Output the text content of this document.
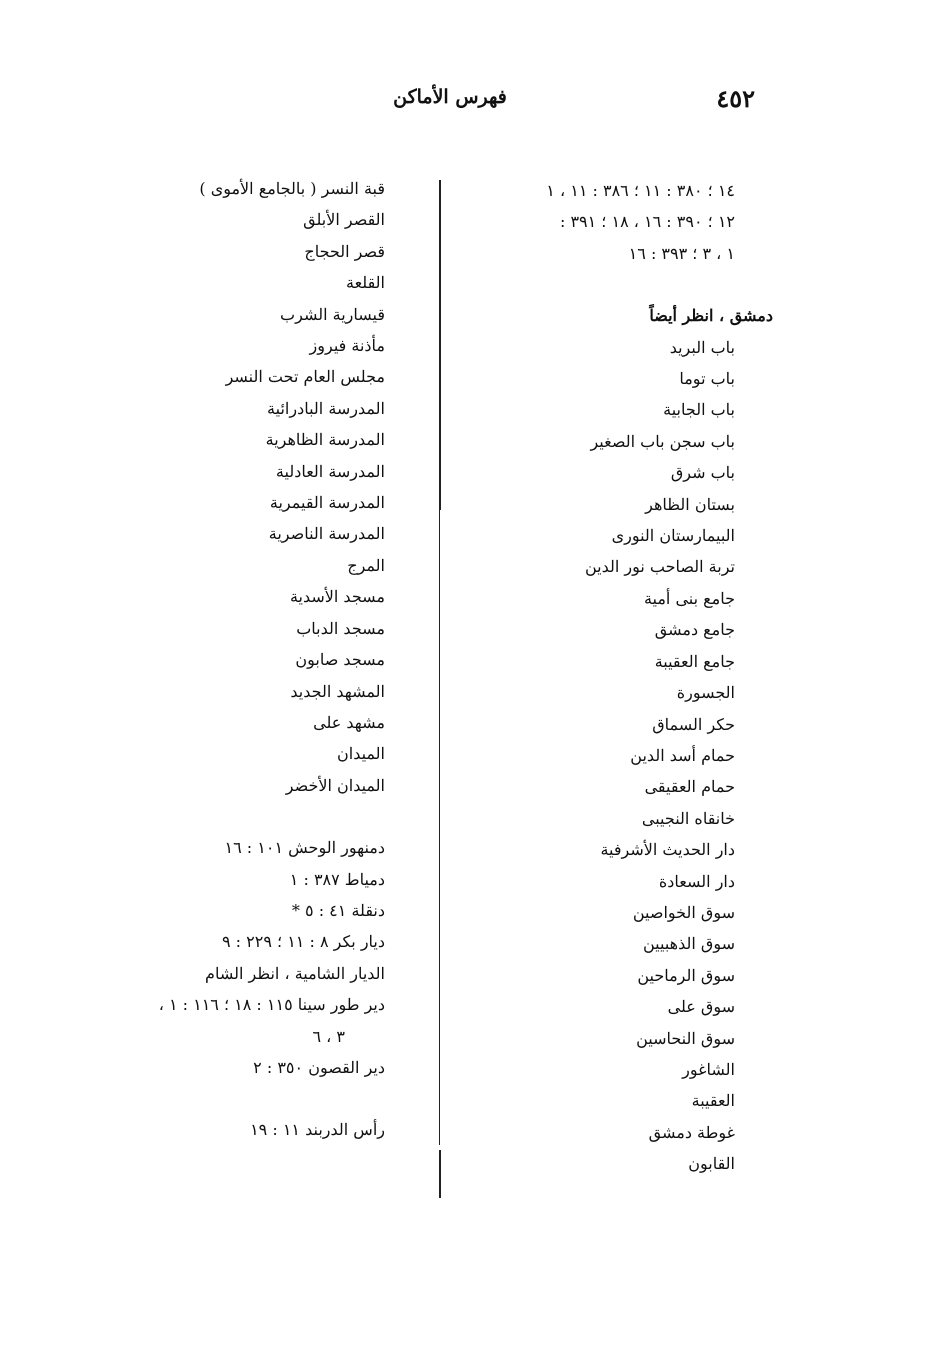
٤٥٢
فهرس الأماكن
١٤ ؛ ٣٨٠ : ١١ ؛ ٣٨٦ : ١١ ، ١
١٢ ؛ ٣٩٠ : ١٦ ، ١٨ ؛ ٣٩١ :
١ ، ٣ ؛ ٣٩٣ : ١٦
دمشق ، انظر أيضاً
باب البريد
باب توما
باب الجابية
باب سجن باب الصغير
باب شرق
بستان الظاهر
البيمارستان النورى
تربة الصاحب نور الدين
جامع بنى أمية
جامع دمشق
جامع العقيبة
الجسورة
حكر السماق
حمام أسد الدين
حمام العقيقى
خانقاه النجيبى
دار الحديث الأشرفية
دار السعادة
سوق الخواصين
سوق الذهبيين
سوق الرماحين
سوق على
سوق النحاسين
الشاغور
العقيبة
غوطة دمشق
القابون
قبة النسر ( بالجامع الأموى )
القصر الأبلق
قصر الحجاج
القلعة
قيسارية الشرب
مأذنة فيروز
مجلس العام تحت النسر
المدرسة البادرائية
المدرسة الظاهرية
المدرسة العادلية
المدرسة القيمرية
المدرسة الناصرية
المرج
مسجد الأسدية
مسجد الدباب
مسجد صابون
المشهد الجديد
مشهد على
الميدان
الميدان الأخضر
دمنهور الوحش ١٠١ : ١٦
دمياط ٣٨٧ : ١
دنقلة ٤١ : ٥ *
ديار بكر ٨ : ١١ ؛ ٢٢٩ : ٩
الديار الشامية ، انظر الشام
دير طور سينا ١١٥ : ١٨ ؛ ١١٦ : ١ ،
٣ ، ٦
دير القصون ٣٥٠ : ٢
رأس الدربند ١١ : ١٩
